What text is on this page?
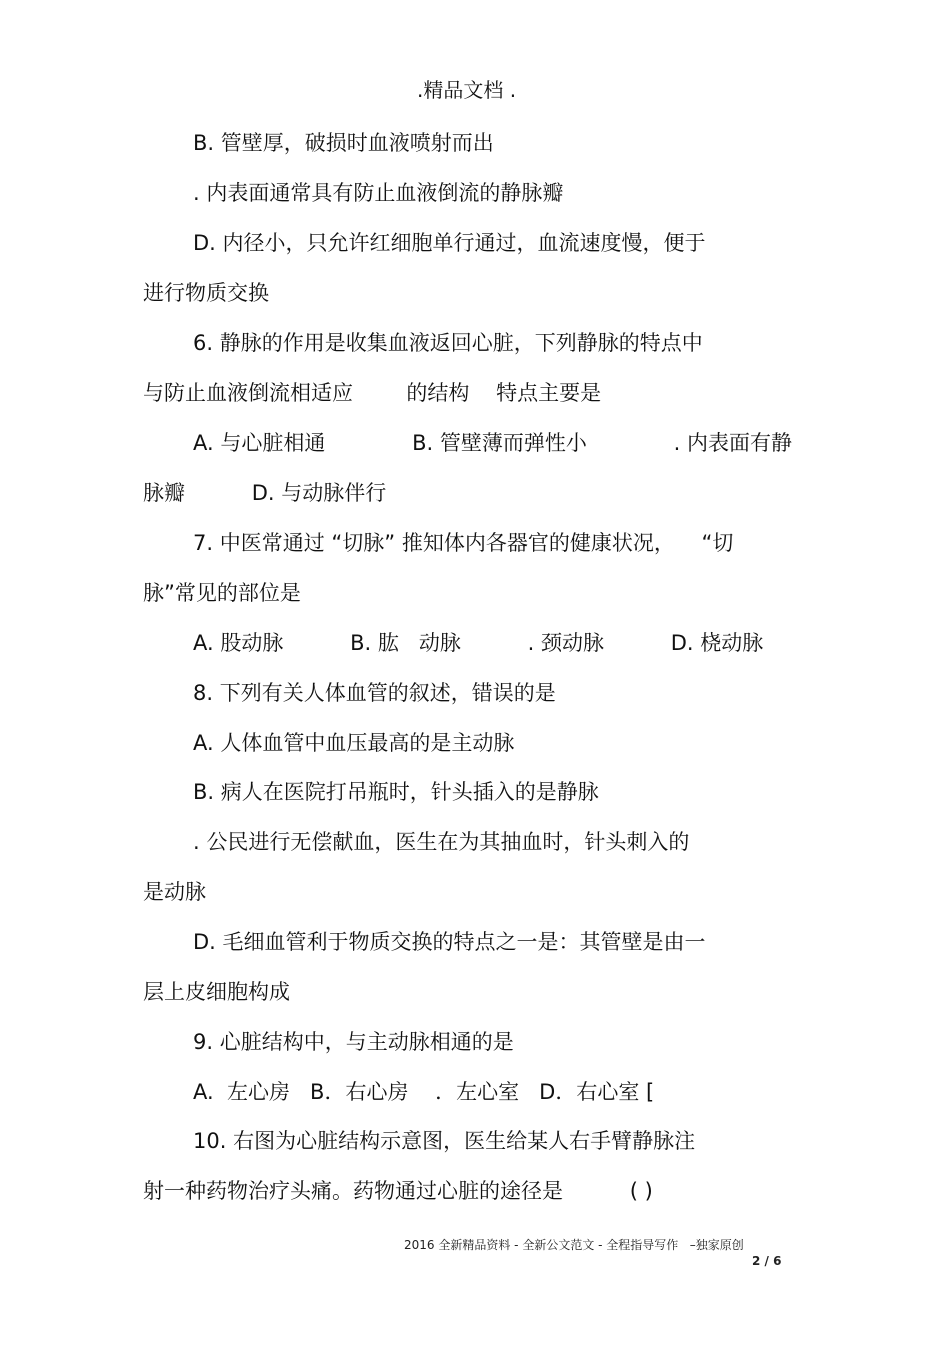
.精品文档 .

B. 管壁厚，破损时血液喷射而出

. 内表面通常具有防止血液倒流的静脉瓣

D. 内径小，只允许红细胞单行通过，血流速度慢，便于

进行物质交换

6. 静脉的作用是收集血液返回心脏，下列静脉的特点中

与防止血液倒流相适应        的结构    特点主要是

A. 与心脏相通             B. 管壁薄而弹性小             . 内表面有静

脉瓣          D. 与动脉伴行

7. 中医常通过 “切脉” 推知体内各器官的健康状况，    “切

脉”常见的部位是

A. 股动脉          B. 肱   动脉          . 颈动脉          D. 桡动脉

8. 下列有关人体血管的叙述，错误的是

A. 人体血管中血压最高的是主动脉

B. 病人在医院打吊瓶时，针头插入的是静脉

. 公民进行无偿献血，医生在为其抽血时，针头刺入的

是动脉

D. 毛细血管利于物质交换的特点之一是：其管壁是由一

层上皮细胞构成

9. 心脏结构中，与主动脉相通的是

A.  左心房   B．右心房    ．左心室   D．右心室 [

10. 右图为心脏结构示意图，医生给某人右手臂静脉注

射一种药物治疗头痛。药物通过心脏的途径是          ( )

2016 全新精品资料 - 全新公文范文 - 全程指导写作   –独家原创
2 / 6
